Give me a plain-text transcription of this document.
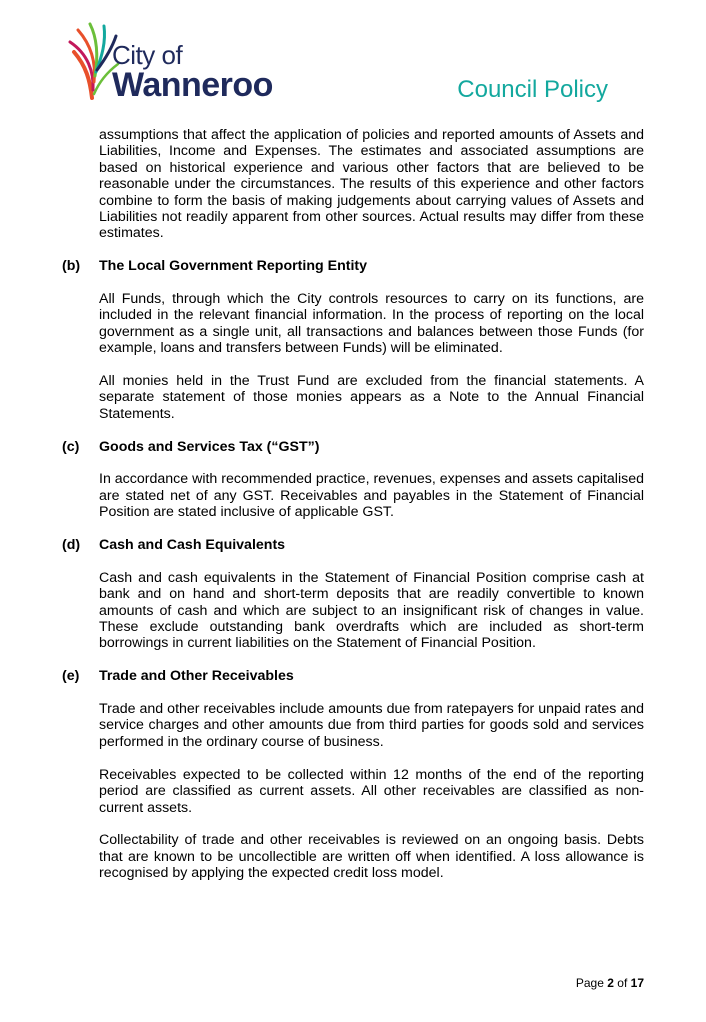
City of
Wanneroo	Council Policy

assumptions that affect the application of policies and reported amounts of Assets and Liabilities, Income and Expenses. The estimates and associated assumptions are based on historical experience and various other factors that are believed to be reasonable under the circumstances. The results of this experience and other factors combine to form the basis of making judgements about carrying values of Assets and Liabilities not readily apparent from other sources. Actual results may differ from these estimates.

(b)	The Local Government Reporting Entity

All Funds, through which the City controls resources to carry on its functions, are included in the relevant financial information. In the process of reporting on the local government as a single unit, all transactions and balances between those Funds (for example, loans and transfers between Funds) will be eliminated.

All monies held in the Trust Fund are excluded from the financial statements. A separate statement of those monies appears as a Note to the Annual Financial Statements.

(c)	Goods and Services Tax (“GST”)

In accordance with recommended practice, revenues, expenses and assets capitalised are stated net of any GST. Receivables and payables in the Statement of Financial Position are stated inclusive of applicable GST.

(d)	Cash and Cash Equivalents

Cash and cash equivalents in the Statement of Financial Position comprise cash at bank and on hand and short-term deposits that are readily convertible to known amounts of cash and which are subject to an insignificant risk of changes in value. These exclude outstanding bank overdrafts which are included as short-term borrowings in current liabilities on the Statement of Financial Position.

(e)	Trade and Other Receivables

Trade and other receivables include amounts due from ratepayers for unpaid rates and service charges and other amounts due from third parties for goods sold and services performed in the ordinary course of business.

Receivables expected to be collected within 12 months of the end of the reporting period are classified as current assets. All other receivables are classified as non-current assets.

Collectability of trade and other receivables is reviewed on an ongoing basis. Debts that are known to be uncollectible are written off when identified. A loss allowance is recognised by applying the expected credit loss model.

Page 2 of 17
